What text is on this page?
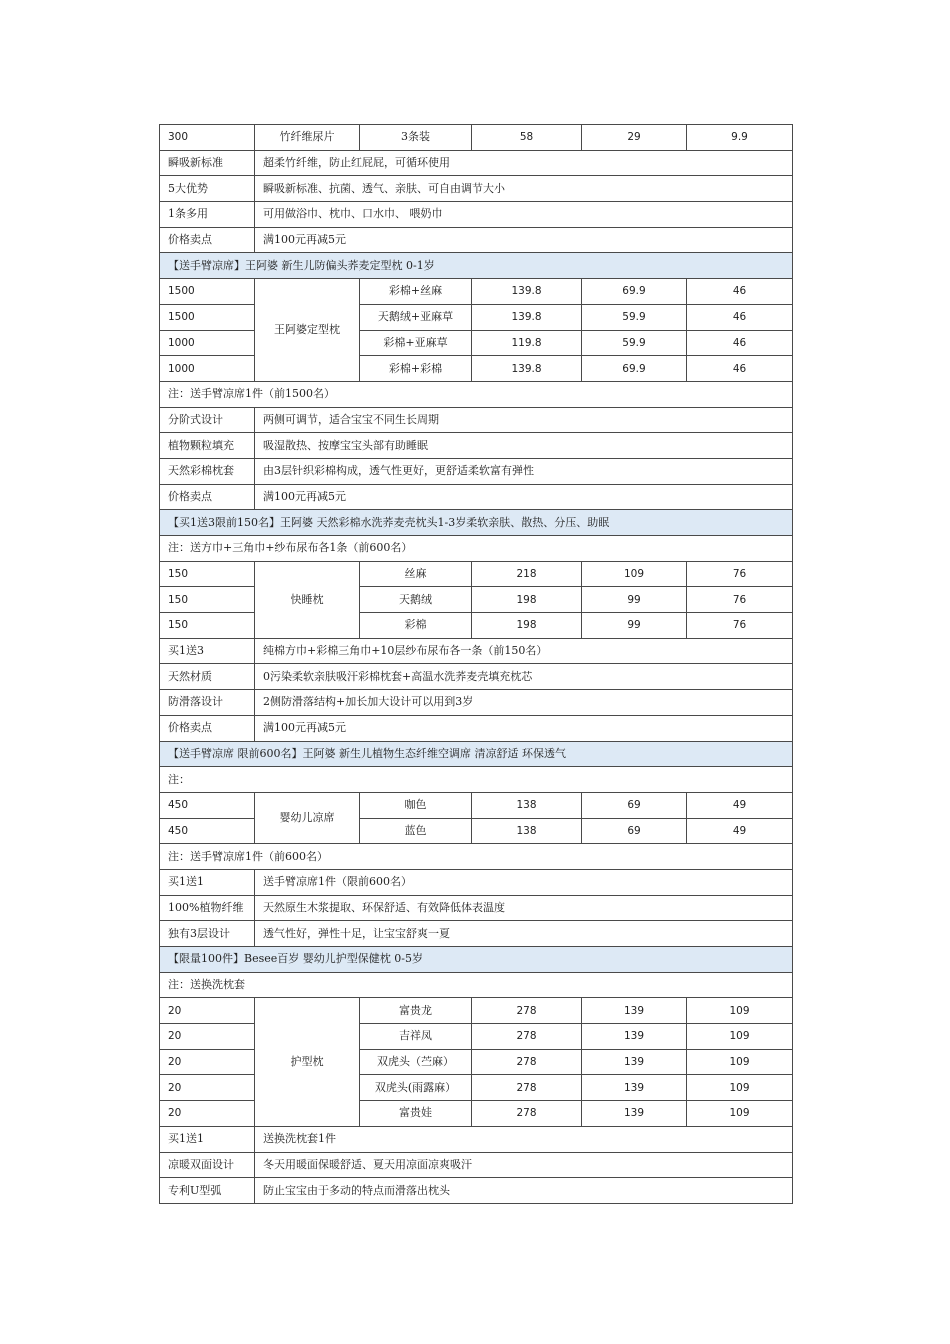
300	竹纤维尿片	3条装	58	29	9.9
瞬吸新标准	超柔竹纤维，防止红屁屁，可循环使用				
5大优势	瞬吸新标准、抗菌、透气、亲肤、可自由调节大小				
1条多用	可用做浴巾、枕巾、口水巾、 喂奶巾				
价格卖点	满100元再减5元				
【送手臂凉席】王阿婆 新生儿防偏头荞麦定型枕 0-1岁					
1500	王阿婆定型枕	彩棉+丝麻	139.8	69.9	46
1500		天鹅绒+亚麻草	139.8	59.9	46
1000		彩棉+亚麻草	119.8	59.9	46
1000		彩棉+彩棉	139.8	69.9	46
注：送手臂凉席1件（前1500名）					
分阶式设计	两侧可调节，适合宝宝不同生长周期				
植物颗粒填充	吸湿散热、按摩宝宝头部有助睡眠				
天然彩棉枕套	由3层针织彩棉构成，透气性更好，更舒适柔软富有弹性				
价格卖点	满100元再减5元				
【买1送3限前150名】王阿婆 天然彩棉水洗荞麦壳枕头1-3岁柔软亲肤、散热、分压、助眠					
注：送方巾+三角巾+纱布尿布各1条（前600名）					
150	快睡枕	丝麻	218	109	76
150		天鹅绒	198	99	76
150		彩棉	198	99	76
买1送3	纯棉方巾+彩棉三角巾+10层纱布尿布各一条（前150名）				
天然材质	0污染柔软亲肤吸汗彩棉枕套+高温水洗荞麦壳填充枕芯				
防滑落设计	2侧防滑落结构+加长加大设计可以用到3岁				
价格卖点	满100元再减5元				
【送手臂凉席 限前600名】王阿婆 新生儿植物生态纤维空调席 清凉舒适 环保透气					
注：					
450	婴幼儿凉席	咖色	138	69	49
450		蓝色	138	69	49
注：送手臂凉席1件（前600名）					
买1送1	送手臂凉席1件（限前600名）				
100%植物纤维	天然原生木浆提取、环保舒适、有效降低体表温度				
独有3层设计	透气性好，弹性十足，让宝宝舒爽一夏				
【限量100件】Besee百岁 婴幼儿护型保健枕 0-5岁					
注：送换洗枕套					
20	护型枕	富贵龙	278	139	109
20		吉祥凤	278	139	109
20		双虎头（苎麻）	278	139	109
20		双虎头(雨露麻）	278	139	109
20		富贵娃	278	139	109
买1送1	送换洗枕套1件				
凉暖双面设计	冬天用暖面保暖舒适、夏天用凉面凉爽吸汗				
专利U型弧	防止宝宝由于多动的特点而滑落出枕头				
